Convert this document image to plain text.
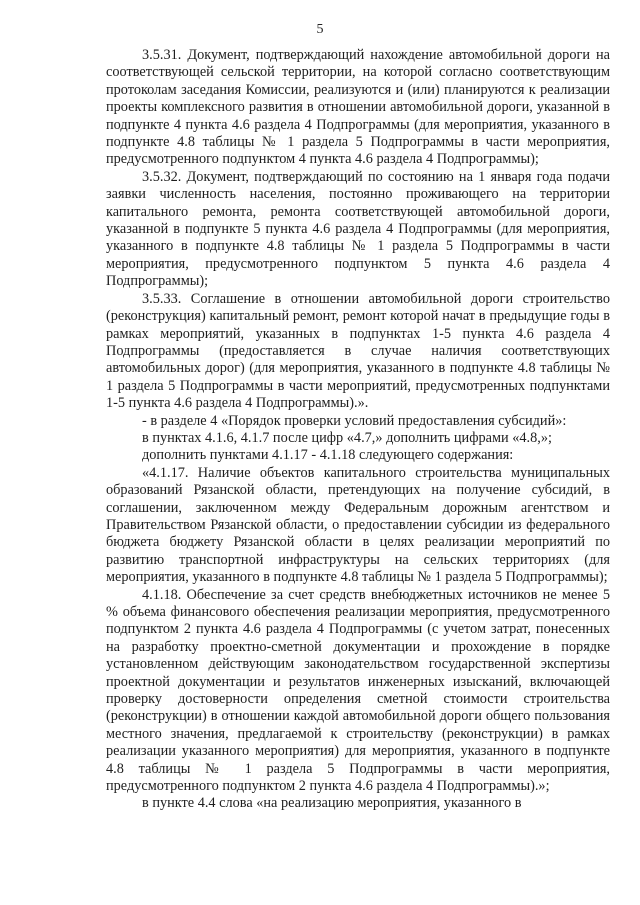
5

3.5.31. Документ, подтверждающий нахождение автомобильной дороги на соответствующей сельской территории, на которой согласно соответствующим протоколам заседания Комиссии, реализуются и (или) планируются к реализации проекты комплексного развития в отношении автомобильной дороги, указанной в подпункте 4 пункта 4.6 раздела 4 Подпрограммы (для мероприятия, указанного в подпункте 4.8 таблицы № 1 раздела 5 Подпрограммы в части мероприятия, предусмотренного подпунктом 4 пункта 4.6 раздела 4 Подпрограммы);

3.5.32. Документ, подтверждающий по состоянию на 1 января года подачи заявки численность населения, постоянно проживающего на территории капитального ремонта, ремонта соответствующей автомобильной дороги, указанной в подпункте 5 пункта 4.6 раздела 4 Подпрограммы (для мероприятия, указанного в подпункте 4.8 таблицы № 1 раздела 5 Подпрограммы в части мероприятия, предусмотренного подпунктом 5 пункта 4.6 раздела 4 Подпрограммы);

3.5.33. Соглашение в отношении автомобильной дороги строительство (реконструкция) капитальный ремонт, ремонт которой начат в предыдущие годы в рамках мероприятий, указанных в подпунктах 1-5 пункта 4.6 раздела 4 Подпрограммы (предоставляется в случае наличия соответствующих автомобильных дорог) (для мероприятия, указанного в подпункте 4.8 таблицы № 1 раздела 5 Подпрограммы в части мероприятий, предусмотренных подпунктами 1-5 пункта 4.6 раздела 4 Подпрограммы).».

- в разделе 4 «Порядок проверки условий предоставления субсидий»:

в пунктах 4.1.6, 4.1.7 после цифр «4.7,» дополнить цифрами «4.8,»;

дополнить пунктами 4.1.17 - 4.1.18 следующего содержания:

«4.1.17. Наличие объектов капитального строительства муниципальных образований Рязанской области, претендующих на получение субсидий, в соглашении, заключенном между Федеральным дорожным агентством и Правительством Рязанской области, о предоставлении субсидии из федерального бюджета бюджету Рязанской области в целях реализации мероприятий по развитию транспортной инфраструктуры на сельских территориях (для мероприятия, указанного в подпункте 4.8 таблицы № 1 раздела 5 Подпрограммы);

4.1.18. Обеспечение за счет средств внебюджетных источников не менее 5 % объема финансового обеспечения реализации мероприятия, предусмотренного подпунктом 2 пункта 4.6 раздела 4 Подпрограммы (с учетом затрат, понесенных на разработку проектно-сметной документации и прохождение в порядке установленном действующим законодательством государственной экспертизы проектной документации и результатов инженерных изысканий, включающей проверку достоверности определения сметной стоимости строительства (реконструкции) в отношении каждой автомобильной дороги общего пользования местного значения, предлагаемой к строительству (реконструкции) в рамках реализации указанного мероприятия) для мероприятия, указанного в подпункте 4.8 таблицы № 1 раздела 5 Подпрограммы в части мероприятия, предусмотренного подпунктом 2 пункта 4.6 раздела 4 Подпрограммы).»;

в пункте 4.4 слова «на реализацию мероприятия, указанного в
